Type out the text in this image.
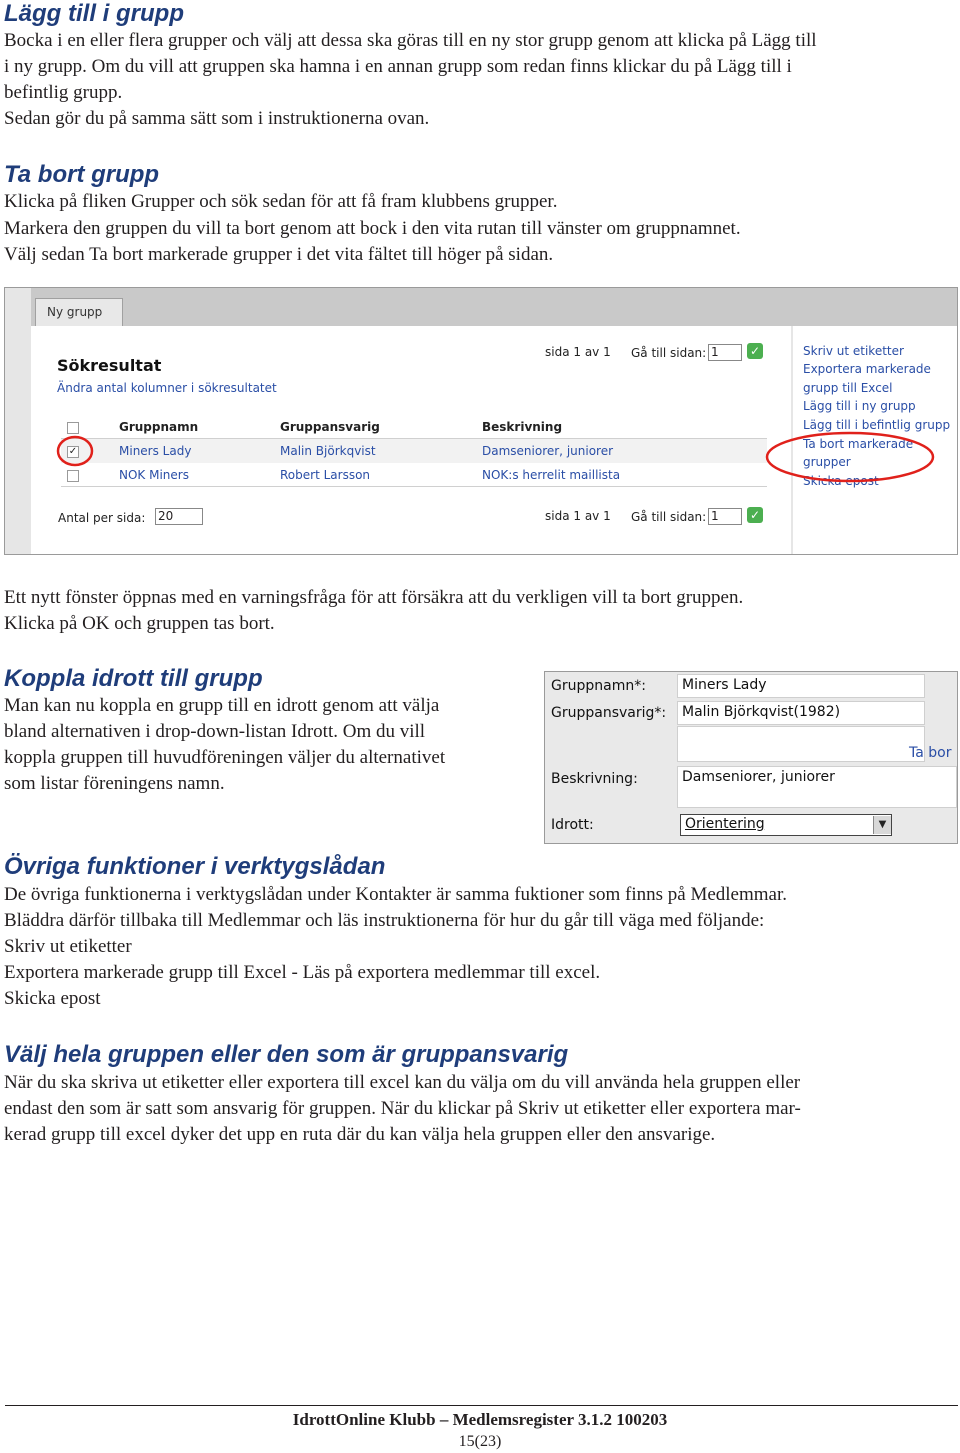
Lägg till i grupp
Bocka i en eller flera grupper och välj att dessa ska göras till en ny stor grupp genom att klicka på Lägg till
i ny grupp. Om du vill att gruppen ska hamna i en annan grupp som redan finns klickar du på Lägg till i
befintlig grupp.
Sedan gör du på samma sätt som i instruktionerna ovan.
Ta bort grupp
Klicka på fliken Grupper och sök sedan för att få fram klubbens grupper.
Markera den gruppen du vill ta bort genom att bock i den vita rutan till vänster om gruppnamnet.
Välj sedan Ta bort markerade grupper i det vita fältet till höger på sidan.
Ny grupp
Sökresultat
Ändra antal kolumner i sökresultatet
sida 1 av 1 Gå till sidan: 1	✓
Gruppnamn	Gruppansvarig	Beskrivning
✓	Miners Lady	Malin Björkqvist	Damseniorer, juniorer
NOK Miners	Robert Larsson	NOK:s herrelit maillista
Antal per sida: 20	sida 1 av 1 Gå till sidan: 1	✓
Skriv ut etiketter
Exportera markerade
grupp till Excel
Lägg till i ny grupp
Lägg till i befintlig grupp
Ta bort markerade
grupper
Skicka epost
Ett nytt fönster öppnas med en varningsfråga för att försäkra att du verkligen vill ta bort gruppen.
Klicka på OK och gruppen tas bort.
Koppla idrott till grupp
Man kan nu koppla en grupp till en idrott genom att välja
bland alternativen i drop-down-listan Idrott. Om du vill
koppla gruppen till huvudföreningen väljer du alternativet
som listar föreningens namn.
Gruppnamn*:	Miners Lady
Gruppansvarig*:	Malin Björkqvist(1982)
Ta bor
Beskrivning:	Damseniorer, juniorer
Idrott:	Orientering	▼
Övriga funktioner i verktygslådan
De övriga funktionerna i verktygslådan under Kontakter är samma fuktioner som finns på Medlemmar.
Bläddra därför tillbaka till Medlemmar och läs instruktionerna för hur du går till väga med följande:
Skriv ut etiketter
Exportera markerade grupp till Excel - Läs på exportera medlemmar till excel.
Skicka epost
Välj hela gruppen eller den som är gruppansvarig
När du ska skriva ut etiketter eller exportera till excel kan du välja om du vill använda hela gruppen eller
endast den som är satt som ansvarig för gruppen. När du klickar på Skriv ut etiketter eller exportera mar-
kerad grupp till excel dyker det upp en ruta där du kan välja hela gruppen eller den ansvarige.
IdrottOnline Klubb – Medlemsregister 3.1.2 100203
15(23)
